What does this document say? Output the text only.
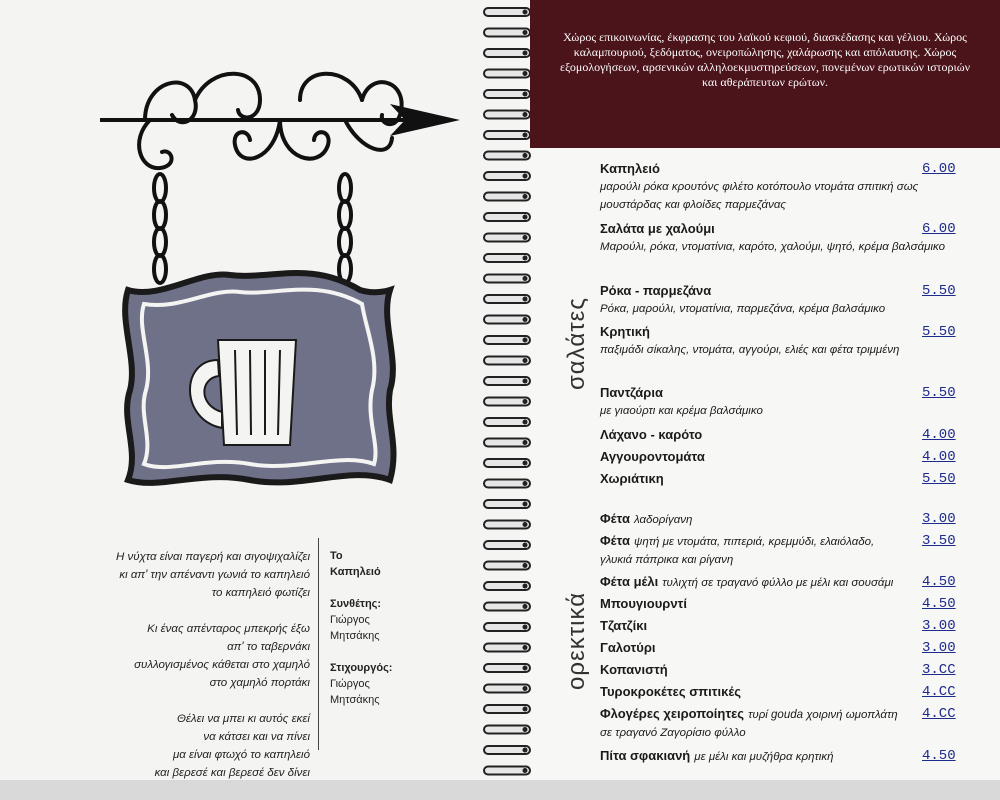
Η νύχτα είναι παγερή και σιγοψιχαλίζει
κι απ' την απέναντι γωνιά το καπηλειό
το καπηλειό φωτίζει

Κι ένας απένταρος μπεκρής έξω
απ' το ταβερνάκι
συλλογισμένος κάθεται στο χαμηλό
στο χαμηλό πορτάκι

Θέλει να μπει κι αυτός εκεί
να κάτσει και να πίνει
μα είναι φτωχό το καπηλειό
και βερεσέ και βερεσέ δεν δίνει

Το
Καπηλειό
Συνθέτης:
Γιώργος
Μητσάκης
Στιχουργός:
Γιώργος
Μητσάκης
Χώρος επικοινωνίας, έκφρασης του λαϊκού κεφιού, διασκέδασης και γέλιου. Χώρος καλαμπουριού, ξεδόματος, ονειροπώλησης, χαλάρωσης και απόλαυσης. Χώρος εξομολογήσεων, αρσενικών αλληλοεκμυστηρεύσεων, πονεμένων ερωτικών ιστοριών και αθεράπευτων ερώτων.
σαλάτες
ορεκτικά
Καπηλειό
μαρούλι ρόκα κρουτόνς φιλέτο κοτόπουλο ντομάτα σπιτική σως μουστάρδας και φλοίδες παρμεζάνας
6.00
Σαλάτα με χαλούμι
Μαρούλι, ρόκα, ντοματίνια, καρότο, χαλούμι, ψητό, κρέμα βαλσάμικο
6.00
Ρόκα - παρμεζάνα
Ρόκα, μαρούλι, ντοματίνια, παρμεζάνα, κρέμα βαλσάμικο
5.50
Κρητική
παξιμάδι σίκαλης, ντομάτα, αγγούρι, ελιές και φέτα τριμμένη
5.50
Παντζάρια
με γιαούρτι και κρέμα βαλσάμικο
5.50
Λάχανο - καρότο	4.00
Αγγουροντομάτα	4.00
Χωριάτικη	5.50
Φέτα λαδορίγανη	3.00
Φέτα ψητή με ντομάτα, πιπεριά, κρεμμύδι, ελαιόλαδο,
γλυκιά πάπρικα και ρίγανη
3.50
Φέτα μέλι τυλιχτή σε τραγανό φύλλο με μέλι και σουσάμι	4.50
Μπουγιουρντί	4.50
Τζατζίκι	3.00
Γαλοτύρι	3.00
Κοπανιστή	3.CC
Τυροκροκέτες σπιτικές	4.CC
Φλογέρες χειροποίητες τυρί gouda χοιρινή ωμοπλάτη
σε τραγανό Ζαγορίσιο φύλλο
4.CC
Πίτα σφακιανή με μέλι και μυζήθρα κρητική	4.50
